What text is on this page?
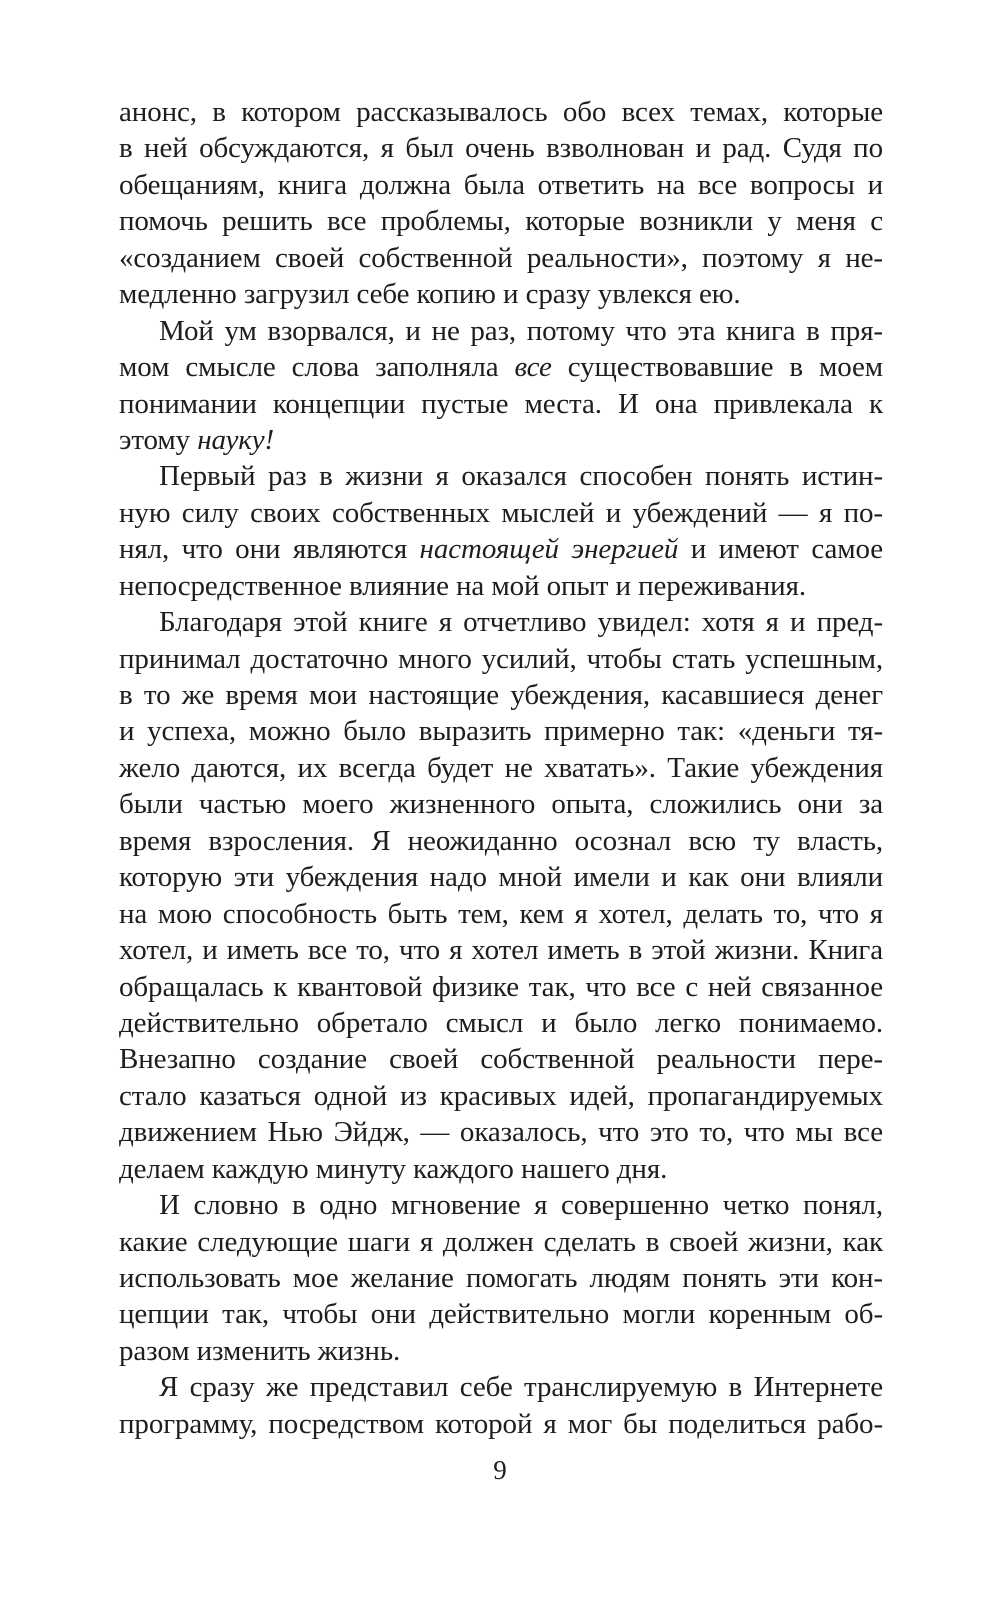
анонс, в котором рассказывалось обо всех темах, которые
в ней обсуждаются, я был очень взволнован и рад. Судя по
обещаниям, книга должна была ответить на все вопросы и
помочь решить все проблемы, которые возникли у меня с
«созданием своей собственной реальности», поэтому я не-
медленно загрузил себе копию и сразу увлекся ею.
Мой ум взорвался, и не раз, потому что эта книга в пря-
мом смысле слова заполняла все существовавшие в моем
понимании концепции пустые места. И она привлекала к
этому науку!
Первый раз в жизни я оказался способен понять истин-
ную силу своих собственных мыслей и убеждений — я по-
нял, что они являются настоящей энергией и имеют самое
непосредственное влияние на мой опыт и переживания.
Благодаря этой книге я отчетливо увидел: хотя я и пред-
принимал достаточно много усилий, чтобы стать успешным,
в то же время мои настоящие убеждения, касавшиеся денег
и успеха, можно было выразить примерно так: «деньги тя-
жело даются, их всегда будет не хватать». Такие убеждения
были частью моего жизненного опыта, сложились они за
время взросления. Я неожиданно осознал всю ту власть,
которую эти убеждения надо мной имели и как они влияли
на мою способность быть тем, кем я хотел, делать то, что я
хотел, и иметь все то, что я хотел иметь в этой жизни. Книга
обращалась к квантовой физике так, что все с ней связанное
действительно обретало смысл и было легко понимаемо.
Внезапно создание своей собственной реальности пере-
стало казаться одной из красивых идей, пропагандируемых
движением Нью Эйдж, — оказалось, что это то, что мы все
делаем каждую минуту каждого нашего дня.
И словно в одно мгновение я совершенно четко понял,
какие следующие шаги я должен сделать в своей жизни, как
использовать мое желание помогать людям понять эти кон-
цепции так, чтобы они действительно могли коренным об-
разом изменить жизнь.
Я сразу же представил себе транслируемую в Интернете
программу, посредством которой я мог бы поделиться рабо-
9
